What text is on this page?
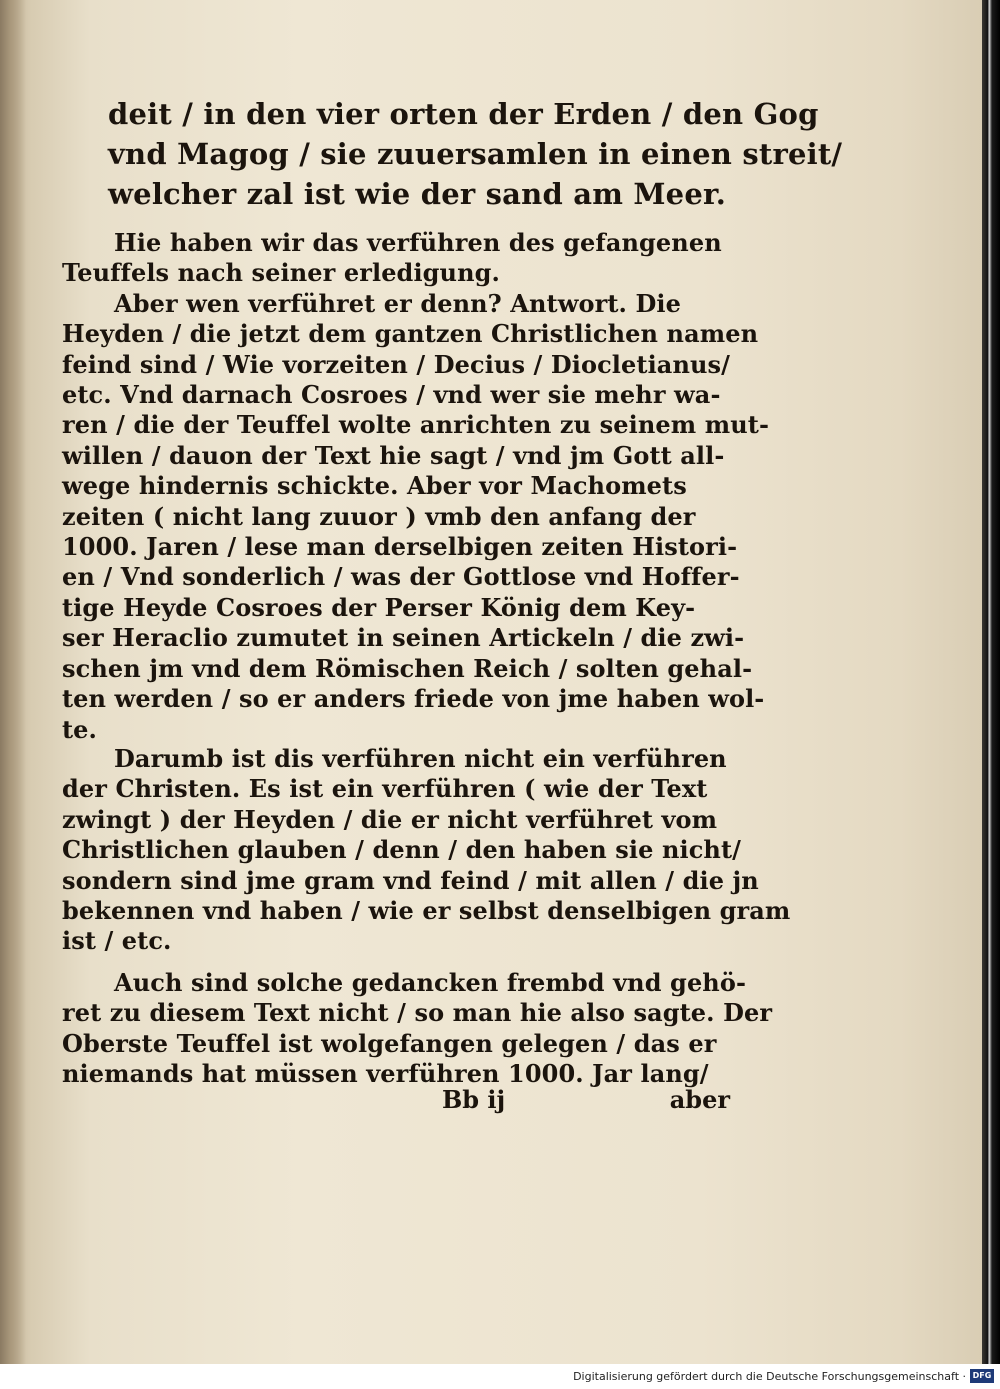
deit / in den vier orten der Erden / den Gog
vnd Magog / sie zuuersamlen in einen streit/
welcher zal ist wie der sand am Meer.
Hie haben wir das verführen des gefangenen
Teuffels nach seiner erledigung.
Aber wen verführet er denn? Antwort. Die
Heyden / die jetzt dem gantzen Christlichen namen
feind sind / Wie vorzeiten / Decius / Diocletianus/
etc. Vnd darnach Cosroes / vnd wer sie mehr wa-
ren / die der Teuffel wolte anrichten zu seinem mut-
willen / dauon der Text hie sagt / vnd jm Gott all-
wege hindernis schickte. Aber vor Machomets
zeiten ( nicht lang zuuor ) vmb den anfang der
1000. Jaren / lese man derselbigen zeiten Histori-
en / Vnd sonderlich / was der Gottlose vnd Hoffer-
tige Heyde Cosroes der Perser König dem Key-
ser Heraclio zumutet in seinen Artickeln / die zwi-
schen jm vnd dem Römischen Reich / solten gehal-
ten werden / so er anders friede von jme haben wol-
te.
Darumb ist dis verführen nicht ein verführen
der Christen. Es ist ein verführen ( wie der Text
zwingt ) der Heyden / die er nicht verführet vom
Christlichen glauben / denn / den haben sie nicht/
sondern sind jme gram vnd feind / mit allen / die jn
bekennen vnd haben / wie er selbst denselbigen gram
ist / etc.
Auch sind solche gedancken frembd vnd gehö-
ret zu diesem Text nicht / so man hie also sagte. Der
Oberste Teuffel ist wolgefangen gelegen / das er
niemands hat müssen verführen 1000. Jar lang/
Bb ij	aber
Digitalisierung gefördert durch die Deutsche Forschungsgemeinschaft · DFG
